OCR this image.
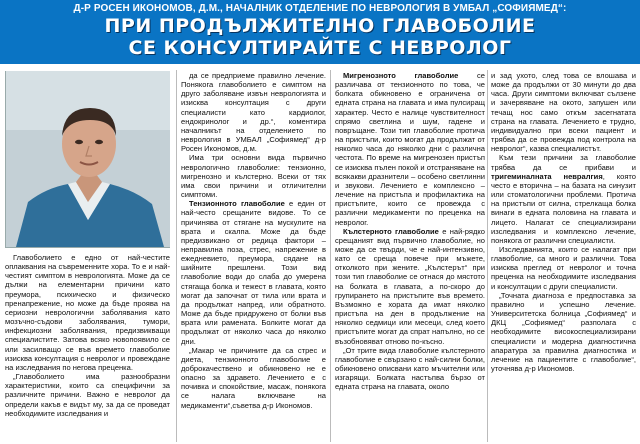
Д-Р РОСЕН ИКОНОМОВ, Д.М., НАЧАЛНИК ОТДЕЛЕНИЕ ПО НЕВРОЛОГИЯ В УМБАЛ „СОФИЯМЕД“:
ПРИ ПРОДЪЛЖИТЕЛНО ГЛАВОБОЛИЕ
СЕ КОНСУЛТИРАЙТЕ С НЕВРОЛОГ

Главоболието е едно от най-честите оплаквания на съвременните хора. То е и най-честият симптом в неврологията. Може да се дължи на елементарни причини като преумора, психическо и физическо пренапрежение, но може да бъде проява на сериозни неврологични заболявания като мозъчно-съдови заболявания, тумори, инфекциозни заболявания, предизвикващи специалистите. Затова всяко новопоявило се или засилващо се във времето главоболие изисква консултация с невролог и провеждане на изследвания по негова преценка.

„Главоболието има разнообразни характеристики, които са специфични за различните причини. Важно е невролог да определи какъв е видът му, за да се проведат необходимите изследвания и

да се предприеме правилно лечение. Понякога главоболието е симптом на друго заболяване извън неврологията и изисква консултация с други специалисти като кардиолог, ендокринолог и др.“, коментира началникът на отделението по неврология в УМБАЛ „Софиямед“ д-р Росен Икономов, д.м.

Има три основни вида първично неврологично главоболие: тензионно, мигренозно и кълстерно. Всеки от тях има свои причини и отличителни симптоми.

Тензионното главоболие е един от най-често срещаните видове. То се причинява от стягане на мускулите на врата и скалпа. Може да бъде предизвикано от редица фактори – неправилна поза, стрес, напрежение в ежедневието, преумора, сядане на шийните прешлени. Този вид главоболие води до слаба до умерена стягаща болка и тежест в главата, която могат да започнат от тила или врата и да продължат напред, или обратното. Може да бъде придружено от болки във врата или рамената. Болките могат да продължат от няколко часа до няколко дни.

„Макар че причините да са стрес и диета, тензионното главоболие е доброкачествено и обикновено не е опасно за здравето. Лечението е с почивка и спокойствие, масаж, понякога се налага включване на медикаменти“,съветва д-р Икономов.

Мигренозното главоболие се различава от тензионното по това, че болката обикновено е ограничена от едната страна на главата и има пулсиращ характер. Често е налице чувствителност спрямо светлина и шум, гадене и повръщане. Този тип главоболие протича на пристъпи, които могат да продължат от няколко часа до няколко дни с различна честота. По време на мигренозен пристъп се изисква пълен покой и отстраняване на всякакви дразнители – особено светлинни и звукови. Лечението е комплексно – лечение на пристъпа и профилактика на пристъпите, които се провежда с различни медикаменти по преценка на невролог.

Кълстерното главоболие е най-рядко срещаният вид първично главоболие, но може да се твърди, че е най-интензивно, като се среща повече при мъжете, отколкото при жените. „Кълстерът“ при този тип главоболие се отнася до мястото на болката в главата, а по-скоро до групирането на пристъпите във времето. Възможно е хората да имат няколко пристъпа на ден в продължение на няколко седмици или месеци, след което пристъпите могат да спрат напълно, но се възобновяват отново по-късно.

„От трите вида главоболие кълстерното главоболие е свързано с най-силни болки, обикновено описвани като мъчителни или изгарящи. Болката настъпва бързо от едната страна на главата, около

и зад ухото, след това се влошава и може да продължи от 30 минути до два часа. Други симптоми включват сълзене и зачервяване на окото, запушен или течащ нос само откъм засегнатата страна на главата. Лечението е трудно, индивидуално при всеки пациент и трябва да се провежда под контрола на невролог“, казва специалистът.

Към тези причини за главоболие трябва да се прибави и тригеминалната невралгия, която често е вторична – на базата на синузит или стоматологични проблеми. Протича на пристъпи от силна, стрелкаща болка винаги в едната половина на главата и лицето. Налагат се специализирани изследвания и комплексно лечение, понякога от различни специалисти.

Изследванията, които се налагат при главоболие, са много и различни. Това изисква преглед от невролог и точна преценка на необходимите изследвания и консултации с други специалисти.

„Точната диагноза е предпоставка за правилно и успешно лечение. Университетска болница „Софиямед“ и ДКЦ „Софиямед“ разполага с необходимите високоспециализирани специалисти и модерна диагностична апаратура за правилна диагностика и лечение на пациентите с главоболие“, уточнява д-р Икономов.
